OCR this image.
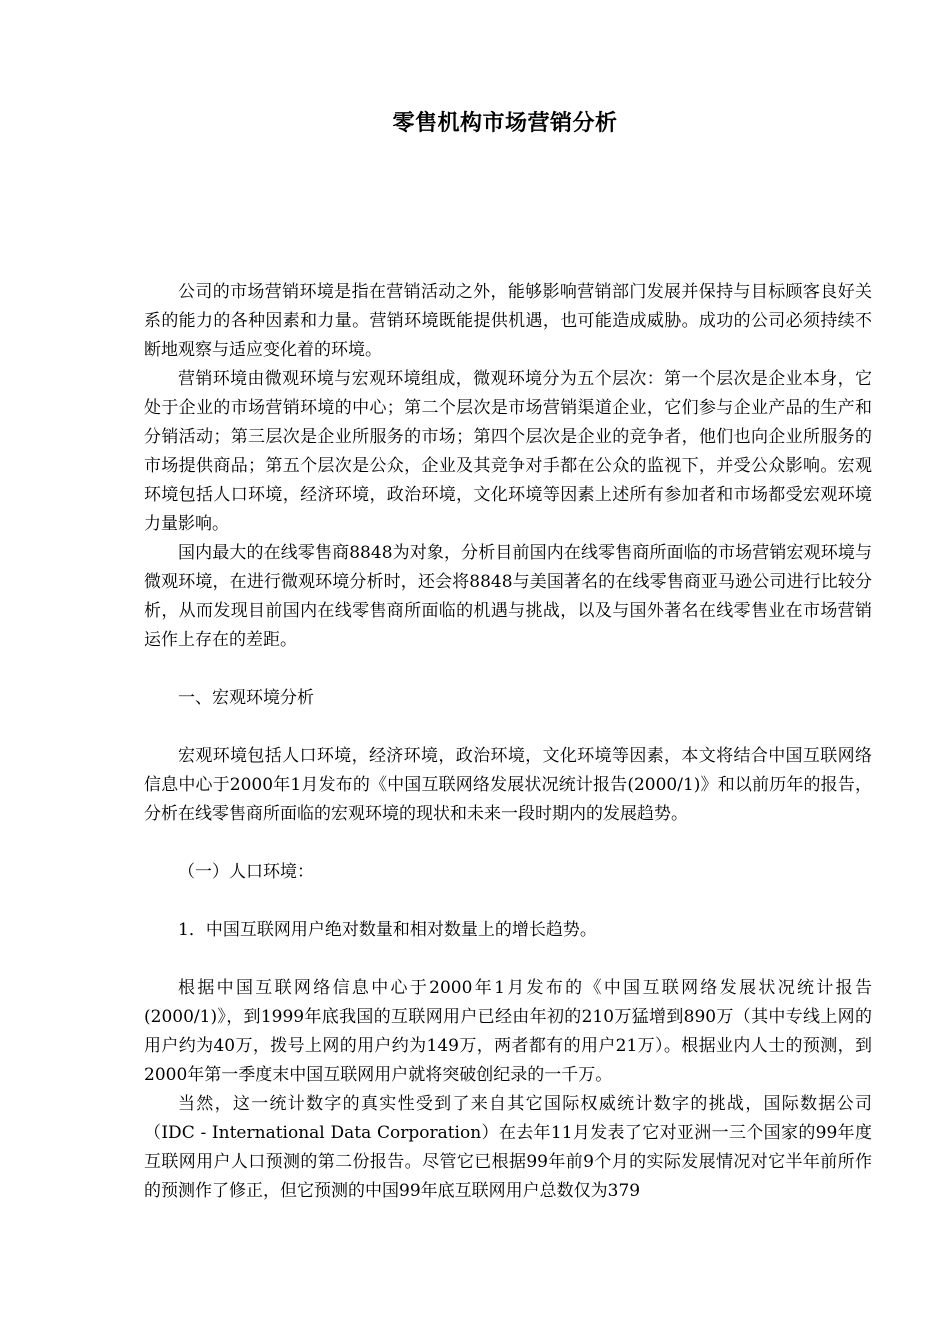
零售机构市场营销分析

公司的市场营销环境是指在营销活动之外，能够影响营销部门发展并保持与目标顾客良好关系的能力的各种因素和力量。营销环境既能提供机遇，也可能造成威胁。成功的公司必须持续不断地观察与适应变化着的环境。

营销环境由微观环境与宏观环境组成，微观环境分为五个层次：第一个层次是企业本身，它处于企业的市场营销环境的中心；第二个层次是市场营销渠道企业，它们参与企业产品的生产和分销活动；第三层次是企业所服务的市场；第四个层次是企业的竞争者，他们也向企业所服务的市场提供商品；第五个层次是公众，企业及其竞争对手都在公众的监视下，并受公众影响。宏观环境包括人口环境，经济环境，政治环境，文化环境等因素上述所有参加者和市场都受宏观环境力量影响。

国内最大的在线零售商8848为对象，分析目前国内在线零售商所面临的市场营销宏观环境与微观环境，在进行微观环境分析时，还会将8848与美国著名的在线零售商亚马逊公司进行比较分析，从而发现目前国内在线零售商所面临的机遇与挑战，以及与国外著名在线零售业在市场营销运作上存在的差距。

一、宏观环境分析

宏观环境包括人口环境，经济环境，政治环境，文化环境等因素，本文将结合中国互联网络信息中心于2000年1月发布的《中国互联网络发展状况统计报告(2000/1)》和以前历年的报告，分析在线零售商所面临的宏观环境的现状和未来一段时期内的发展趋势。

（一）人口环境：

1．中国互联网用户绝对数量和相对数量上的增长趋势。

根据中国互联网络信息中心于2000年1月发布的《中国互联网络发展状况统计报告(2000/1)》，到1999年底我国的互联网用户已经由年初的210万猛增到890万（其中专线上网的用户约为40万，拨号上网的用户约为149万，两者都有的用户21万）。根据业内人士的预测，到2000年第一季度末中国互联网用户就将突破创纪录的一千万。

当然，这一统计数字的真实性受到了来自其它国际权威统计数字的挑战，国际数据公司（IDC - International Data Corporation）在去年11月发表了它对亚洲一三个国家的99年度互联网用户人口预测的第二份报告。尽管它已根据99年前9个月的实际发展情况对它半年前所作的预测作了修正，但它预测的中国99年底互联网用户总数仅为379
